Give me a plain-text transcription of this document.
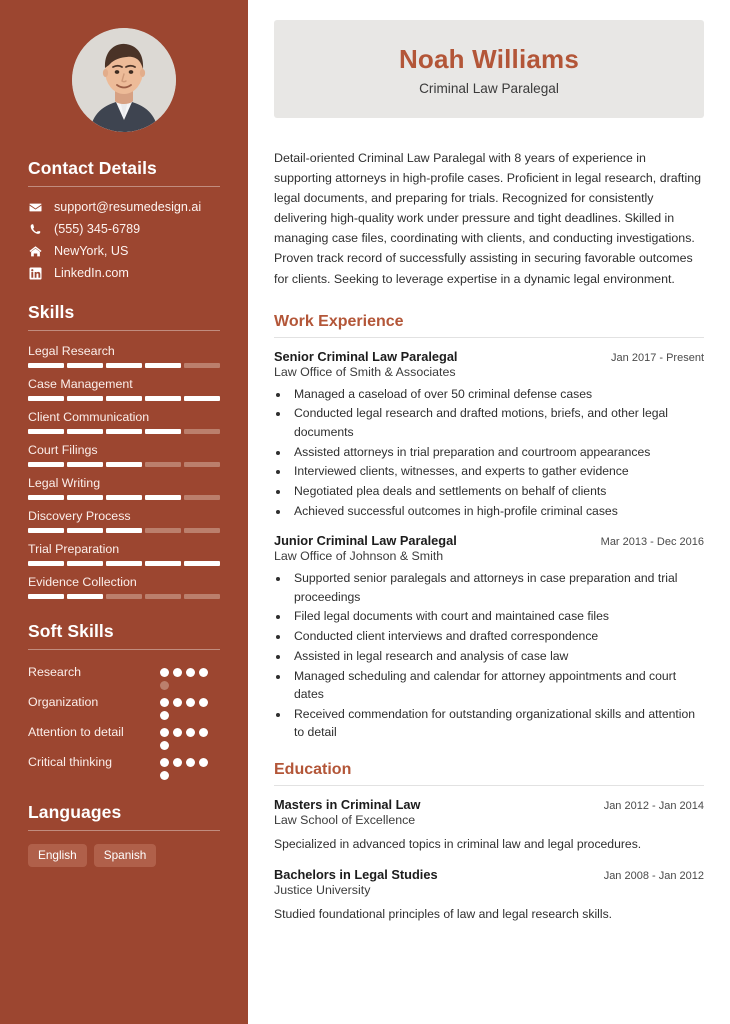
Contact Details
support@resumedesign.ai
(555) 345-6789
NewYork, US
LinkedIn.com
Skills
Legal Research
Case Management
Client Communication
Court Filings
Legal Writing
Discovery Process
Trial Preparation
Evidence Collection
Soft Skills
Research
Organization
Attention to detail
Critical thinking
Languages
English	Spanish
Noah Williams
Criminal Law Paralegal

Detail-oriented Criminal Law Paralegal with 8 years of experience in supporting attorneys in high-profile cases. Proficient in legal research, drafting legal documents, and preparing for trials. Recognized for consistently delivering high-quality work under pressure and tight deadlines. Skilled in managing case files, coordinating with clients, and conducting investigations. Proven track record of successfully assisting in securing favorable outcomes for clients. Seeking to leverage expertise in a dynamic legal environment.

Work Experience
Senior Criminal Law Paralegal	Jan 2017 - Present
Law Office of Smith & Associates
• Managed a caseload of over 50 criminal defense cases
• Conducted legal research and drafted motions, briefs, and other legal documents
• Assisted attorneys in trial preparation and courtroom appearances
• Interviewed clients, witnesses, and experts to gather evidence
• Negotiated plea deals and settlements on behalf of clients
• Achieved successful outcomes in high-profile criminal cases
Junior Criminal Law Paralegal	Mar 2013 - Dec 2016
Law Office of Johnson & Smith
• Supported senior paralegals and attorneys in case preparation and trial proceedings
• Filed legal documents with court and maintained case files
• Conducted client interviews and drafted correspondence
• Assisted in legal research and analysis of case law
• Managed scheduling and calendar for attorney appointments and court dates
• Received commendation for outstanding organizational skills and attention to detail
Education
Masters in Criminal Law	Jan 2012 - Jan 2014
Law School of Excellence
Specialized in advanced topics in criminal law and legal procedures.
Bachelors in Legal Studies	Jan 2008 - Jan 2012
Justice University
Studied foundational principles of law and legal research skills.
